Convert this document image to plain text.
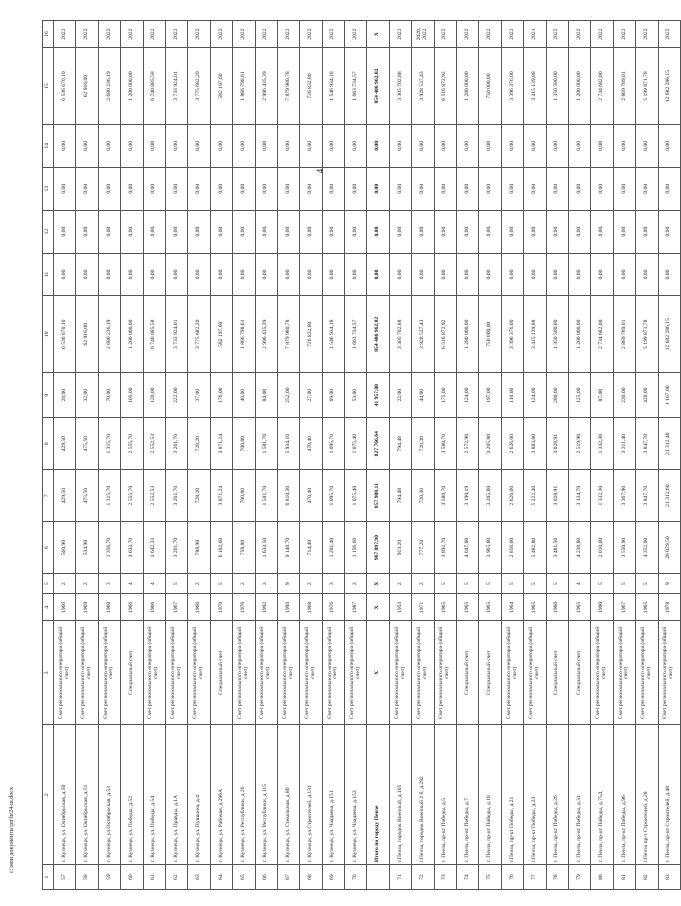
4
1	2	3	4	5	6	7	8	9	10	11	12	13	14	15	16
57	г. Кузнецк, ул. Октябрьская, д.50	Счет регионального оператора (общий счет)	1966	2	560,90	429,50	429,50	28,00	6 536 670,10	0,00	0,00	0,00	0,00	6 536 670,10	2022
58	г. Кузнецк, ул. Октябрьская, д.51	Счет регионального оператора (общий счет)	1969	2	534,90	475,50	475,50	32,00	62 916,00	0,00	0,00	0,00	0,00	62 916,00	2022
59	г. Кузнецк, ул.Октябрьская, д.53	Счет регионального оператора (общий счет)	1960	3	1 356,70	1 315,70	1 315,70	70,00	2 680 236,19	0,00	0,00	0,00	0,00	2 680 236,19	2022
60	г. Кузнецк, ул. Победы, д.52	Специальный счет	1966	4	3 633,70	2 555,70	2 555,70	105,00	1 200 000,00	0,00	0,00	0,00	0,00	1 200 000,00	2022
61	г. Кузнецк, ул. Победы, д.54	Счет регионального оператора (общий счет)	1966	4	3 642,33	2 552,53	2 552,53	120,00	6 740 085,58	0,00	0,00	0,00	0,00	6 740 085,58	2022
62	г. Кузнецк, ул. Правды, д.1А	Счет регионального оператора (общий счет)	1967	5	3 261,70	3 261,70	3 261,70	222,00	3 733 924,01	0,00	0,00	0,00	0,00	3 733 924,01	2022
63	г. Кузнецк, ул. Пушкина, д.4	Счет регионального оператора (общий счет)	1966	2	788,90	728,20	728,20	37,00	3 775 682,20	0,00	0,00	0,00	0,00	3 775 682,20	2022
64	г. Кузнецк, ул. Рабочая, д.296А	Специальный счет	1970	5	6 102,60	3 871,24	3 871,24	176,00	582 197,60	0,00	0,00	0,00	0,00	582 197,60	2022
65	г. Кузнецк, ул. Республики, д.26	Счет регионального оператора (общий счет)	1976	2	758,80	700,80	700,80	40,00	1 866 798,61	0,00	0,00	0,00	0,00	1 866 798,61	2022
66	г. Кузнецк, ул. Республики, д.115	Счет регионального оператора (общий счет)	1992	3	1 633,50	1 581,70	1 581,70	84,00	2 996 435,39	0,00	0,00	0,00	0,00	2 996 435,39	2022
67	г. Кузнецк, ул. Стекольная, д.80	Счет регионального оператора (общий счет)	1993	9	9 140,70	6 810,30	5 934,10	252,00	7 879 980,78	0,00	0,00	0,00	0,00	7 879 980,78	2022
68	г. Кузнецк, ул.Строителей, д.131	Счет регионального оператора (общий счет)	1968	2	714,40	470,40	470,40	27,00	726 832,80	0,00	0,00	0,00	0,00	726 832,80	2022
69	г. Кузнецк, ул. Чаадаева, д.151	Счет регионального оператора (общий счет)	1976	3	1 201,40	1 095,70	1 095,70	69,00	1 546 934,18	0,00	0,00	0,00	0,00	1 546 934,18	2022
70	г. Кузнецк, ул. Чаадаева, д.153	Счет регионального оператора (общий счет)	1987	3	1 156,60	1 075,40	1 075,40	53,00	1 663 734,57	0,00	0,00	0,00	0,00	1 663 734,57	2022
	Итого по городу Пензе	X	X	X	967 097,90	857 908,11	827 766,64	41 957,00	854 406 962,82	0,00	0,00	0,00	0,00	854 406 962,82	X
71	г.Пенза, городок Военный, д.105	Счет регионального оператора (общий счет)	1953	2	913,20	794,48	794,48	22,00	3 305 702,88	0,00	0,00	0,00	0,00	3 305 702,88	2022
72	г.Пенза, городок Военный 2 б, д.292	Счет регионального оператора (общий счет)	1971	2	777,20	720,30	720,30	44,00	3 928 537,43	0,00	0,00	0,00	0,00	3 928 537,43	2020, 2022
73	г. Пенза, пр-кт Победы, д.5	Счет регионального оператора (общий счет)	1965	5	3 892,70	3 580,70	3 580,70	175,00	6 516 872,92	0,00	0,00	0,00	0,00	6 516 872,92	2022
74	г. Пенза, пр-кт Победы, д.7	Специальный счет	1965	5	4 047,00	3 190,19	2 572,90	124,00	1 280 000,00	0,00	0,00	0,00	0,00	1 280 000,00	2022
75	г. Пенза, пр-кт Победы, д.10	Специальный счет	1965	5	3 965,80	3 205,80	3 205,80	197,00	750 000,00	0,00	0,00	0,00	0,00	750 000,00	2022
76	г.Пенза, пр-кт Победы, д.21	Счет регионального оператора (общий счет)	1964	5	2 856,00	2 626,00	2 626,00	110,00	3 396 376,00	0,00	0,00	0,00	0,00	3 396 376,00	2022
77	г.Пенза, пр-кт Победы, д.23	Счет регионального оператора (общий счет)	1965	5	5 482,80	5 222,40	3 883,80	124,00	3 415 139,88	0,00	0,00	0,00	0,00	3 415 139,88	2021
78	г. Пенза, пр-кт Победы, д.26	Специальный счет	1966	5	3 481,50	3 028,91	3 028,91	280,00	1 350 500,00	0,00	0,00	0,00	0,00	1 350 500,00	2022
79	г. Пенза, пр-кт Победы, д.31	Специальный счет	1965	4	4 238,80	3 134,70	2 519,90	125,00	1 200 000,00	0,00	0,00	0,00	0,00	1 200 000,00	2022
80	г. Пенза, пр-кт Победы, д.75Д	Счет регионального оператора (общий счет)	1990	5	2 010,00	1 332,30	1 332,30	87,00	2 734 682,00	0,00	0,00	0,00	0,00	2 734 682,00	2022
81	г. Пенза, пр-кт Победы, д.96	Счет регионального оператора (общий счет)	1967	5	3 550,90	3 367,90	3 311,40	230,00	2 869 789,01	0,00	0,00	0,00	0,00	2 869 789,01	2022
82	г.Пенза пр-т Строителей, д.28	Счет регионального оператора (общий счет)	1965	5	4 352,00	3 847,70	3 847,70	420,00	5 199 871,78	0,00	0,00	0,00	0,00	5 199 871,78	2022
83	г. Пенза, пр-кт Строителей, д.48	Счет регионального оператора (общий счет)	1978	9	26 029,50	21 312,60	21 312,40	1 167,00	12 682 286,15	0,00	0,00	0,00	0,00	12 682 286,15	2022
c:\мои документы\рп\hr24-ш.docx
